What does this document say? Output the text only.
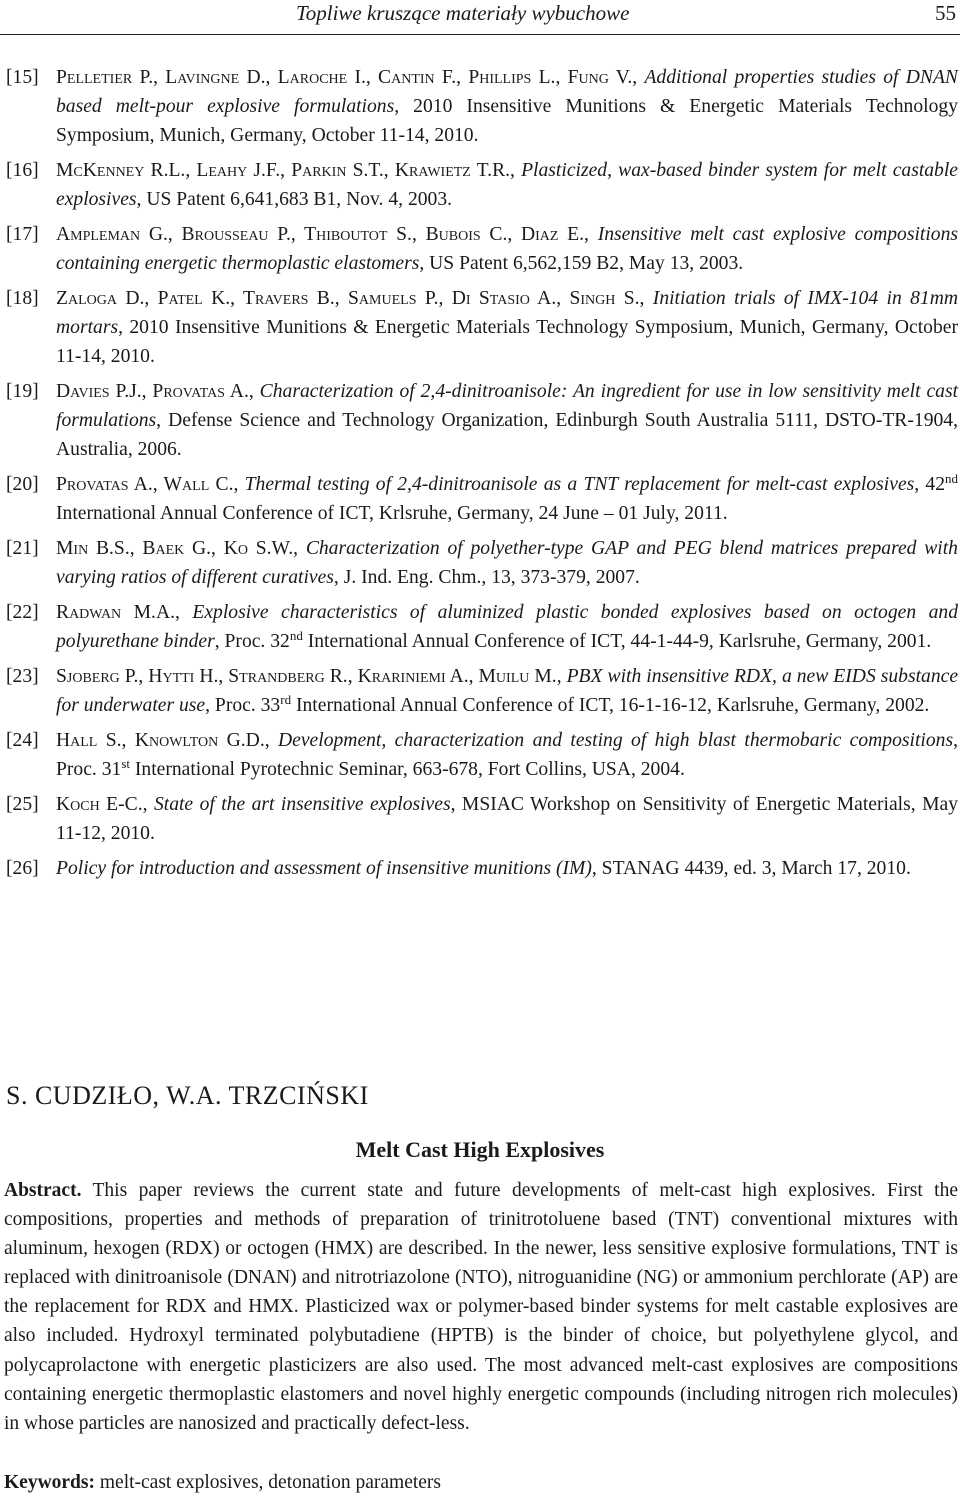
Topliwe kruszące materiały wybuchowe	55
[15] Pelletier P., Lavingne D., Laroche I., Cantin F., Phillips L., Fung V., Additional properties studies of DNAN based melt-pour explosive formulations, 2010 Insensitive Munitions & Energetic Materials Technology Symposium, Munich, Germany, October 11-14, 2010.
[16] McKenney R.L., Leahy J.F., Parkin S.T., Krawietz T.R., Plasticized, wax-based binder system for melt castable explosives, US Patent 6,641,683 B1, Nov. 4, 2003.
[17] Ampleman G., Brousseau P., Thiboutot S., Bubois C., Diaz E., Insensitive melt cast explosive compositions containing energetic thermoplastic elastomers, US Patent 6,562,159 B2, May 13, 2003.
[18] Zaloga D., Patel K., Travers B., Samuels P., Di Stasio A., Singh S., Initiation trials of IMX-104 in 81mm mortars, 2010 Insensitive Munitions & Energetic Materials Technology Symposium, Munich, Germany, October 11-14, 2010.
[19] Davies P.J., Provatas A., Characterization of 2,4-dinitroanisole: An ingredient for use in low sensitivity melt cast formulations, Defense Science and Technology Organization, Edinburgh South Australia 5111, DSTO-TR-1904, Australia, 2006.
[20] Provatas A., Wall C., Thermal testing of 2,4-dinitroanisole as a TNT replacement for melt-cast explosives, 42nd International Annual Conference of ICT, Krlsruhe, Germany, 24 June – 01 July, 2011.
[21] Min B.S., Baek G., Ko S.W., Characterization of polyether-type GAP and PEG blend matrices prepared with varying ratios of different curatives, J. Ind. Eng. Chm., 13, 373-379, 2007.
[22] Radwan M.A., Explosive characteristics of aluminized plastic bonded explosives based on octogen and polyurethane binder, Proc. 32nd International Annual Conference of ICT, 44-1-44-9, Karlsruhe, Germany, 2001.
[23] Sjoberg P., Hytti H., Strandberg R., Krariniemi A., Muilu M., PBX with insensitive RDX, a new EIDS substance for underwater use, Proc. 33rd International Annual Conference of ICT, 16-1-16-12, Karlsruhe, Germany, 2002.
[24] Hall S., Knowlton G.D., Development, characterization and testing of high blast thermobaric compositions, Proc. 31st International Pyrotechnic Seminar, 663-678, Fort Collins, USA, 2004.
[25] Koch E-C., State of the art insensitive explosives, MSIAC Workshop on Sensitivity of Energetic Materials, May 11-12, 2010.
[26] Policy for introduction and assessment of insensitive munitions (IM), STANAG 4439, ed. 3, March 17, 2010.
S. CUDZIŁO, W.A. TRZCIŃSKI
Melt Cast High Explosives
Abstract. This paper reviews the current state and future developments of melt-cast high explosives. First the compositions, properties and methods of preparation of trinitrotoluene based (TNT) conventional mixtures with aluminum, hexogen (RDX) or octogen (HMX) are described. In the newer, less sensitive explosive formulations, TNT is replaced with dinitroanisole (DNAN) and nitrotriazolone (NTO), nitroguanidine (NG) or ammonium perchlorate (AP) are the replacement for RDX and HMX. Plasticized wax or polymer-based binder systems for melt castable explosives are also included. Hydroxyl terminated polybutadiene (HPTB) is the binder of choice, but polyethylene glycol, and polycaprolactone with energetic plasticizers are also used. The most advanced melt-cast explosives are compositions containing energetic thermoplastic elastomers and novel highly energetic compounds (including nitrogen rich molecules) in whose particles are nanosized and practically defect-less.
Keywords: melt-cast explosives, detonation parameters
